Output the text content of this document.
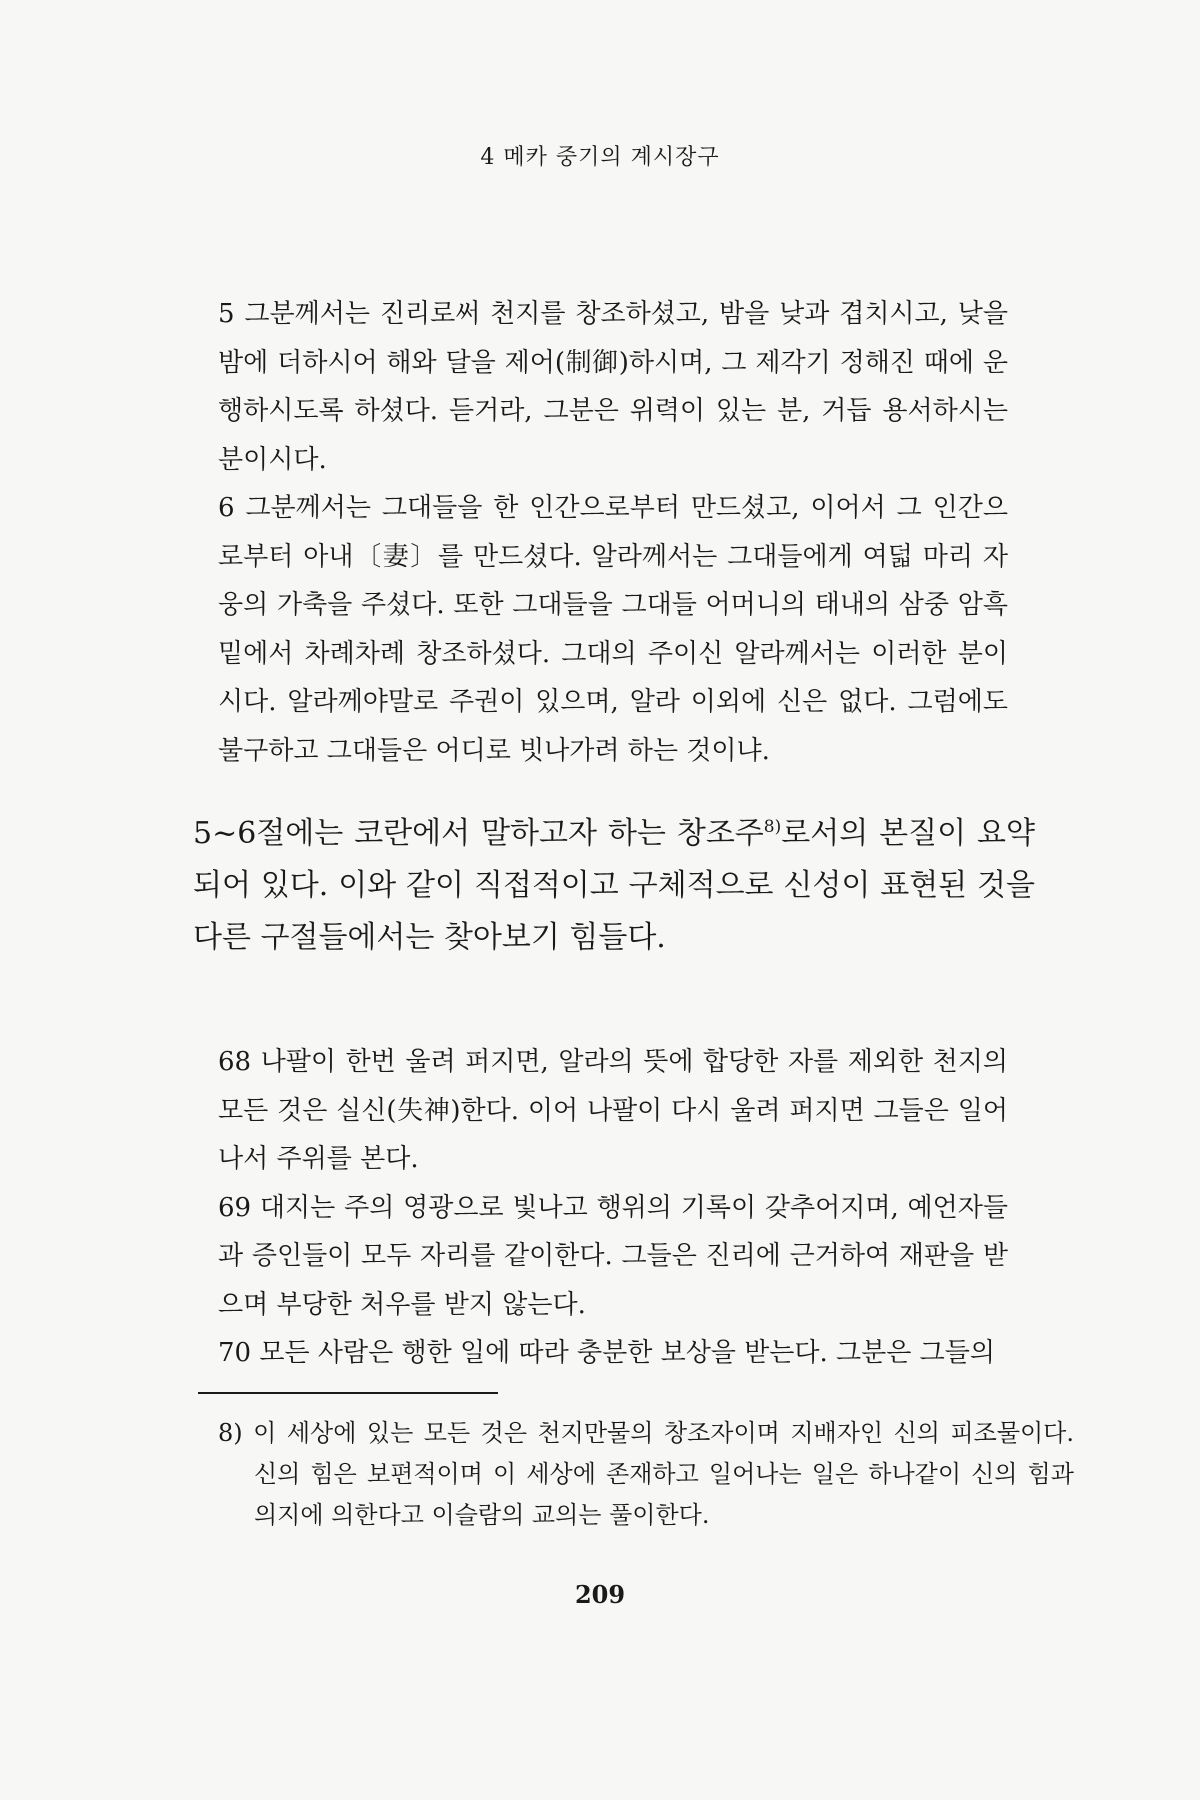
4 메카 중기의 계시장구

5 그분께서는 진리로써 천지를 창조하셨고, 밤을 낮과 겹치시고, 낮을 밤에 더하시어 해와 달을 제어(制御)하시며, 그 제각기 정해진 때에 운행하시도록 하셨다. 듣거라, 그분은 위력이 있는 분, 거듭 용서하시는 분이시다.

6 그분께서는 그대들을 한 인간으로부터 만드셨고, 이어서 그 인간으로부터 아내〔妻〕를 만드셨다. 알라께서는 그대들에게 여덟 마리 자웅의 가축을 주셨다. 또한 그대들을 그대들 어머니의 태내의 삼중 암흑 밑에서 차례차례 창조하셨다. 그대의 주이신 알라께서는 이러한 분이시다. 알라께야말로 주권이 있으며, 알라 이외에 신은 없다. 그럼에도 불구하고 그대들은 어디로 빗나가려 하는 것이냐.

5~6절에는 코란에서 말하고자 하는 창조주$^{8)}$로서의 본질이 요약되어 있다. 이와 같이 직접적이고 구체적으로 신성이 표현된 것을 다른 구절들에서는 찾아보기 힘들다.

68 나팔이 한번 울려 퍼지면, 알라의 뜻에 합당한 자를 제외한 천지의 모든 것은 실신(失神)한다. 이어 나팔이 다시 울려 퍼지면 그들은 일어나서 주위를 본다.

69 대지는 주의 영광으로 빛나고 행위의 기록이 갖추어지며, 예언자들과 증인들이 모두 자리를 같이한다. 그들은 진리에 근거하여 재판을 받으며 부당한 처우를 받지 않는다.

70 모든 사람은 행한 일에 따라 충분한 보상을 받는다. 그분은 그들의

8) 이 세상에 있는 모든 것은 천지만물의 창조자이며 지배자인 신의 피조물이다. 신의 힘은 보편적이며 이 세상에 존재하고 일어나는 일은 하나같이 신의 힘과 의지에 의한다고 이슬람의 교의는 풀이한다.

209
